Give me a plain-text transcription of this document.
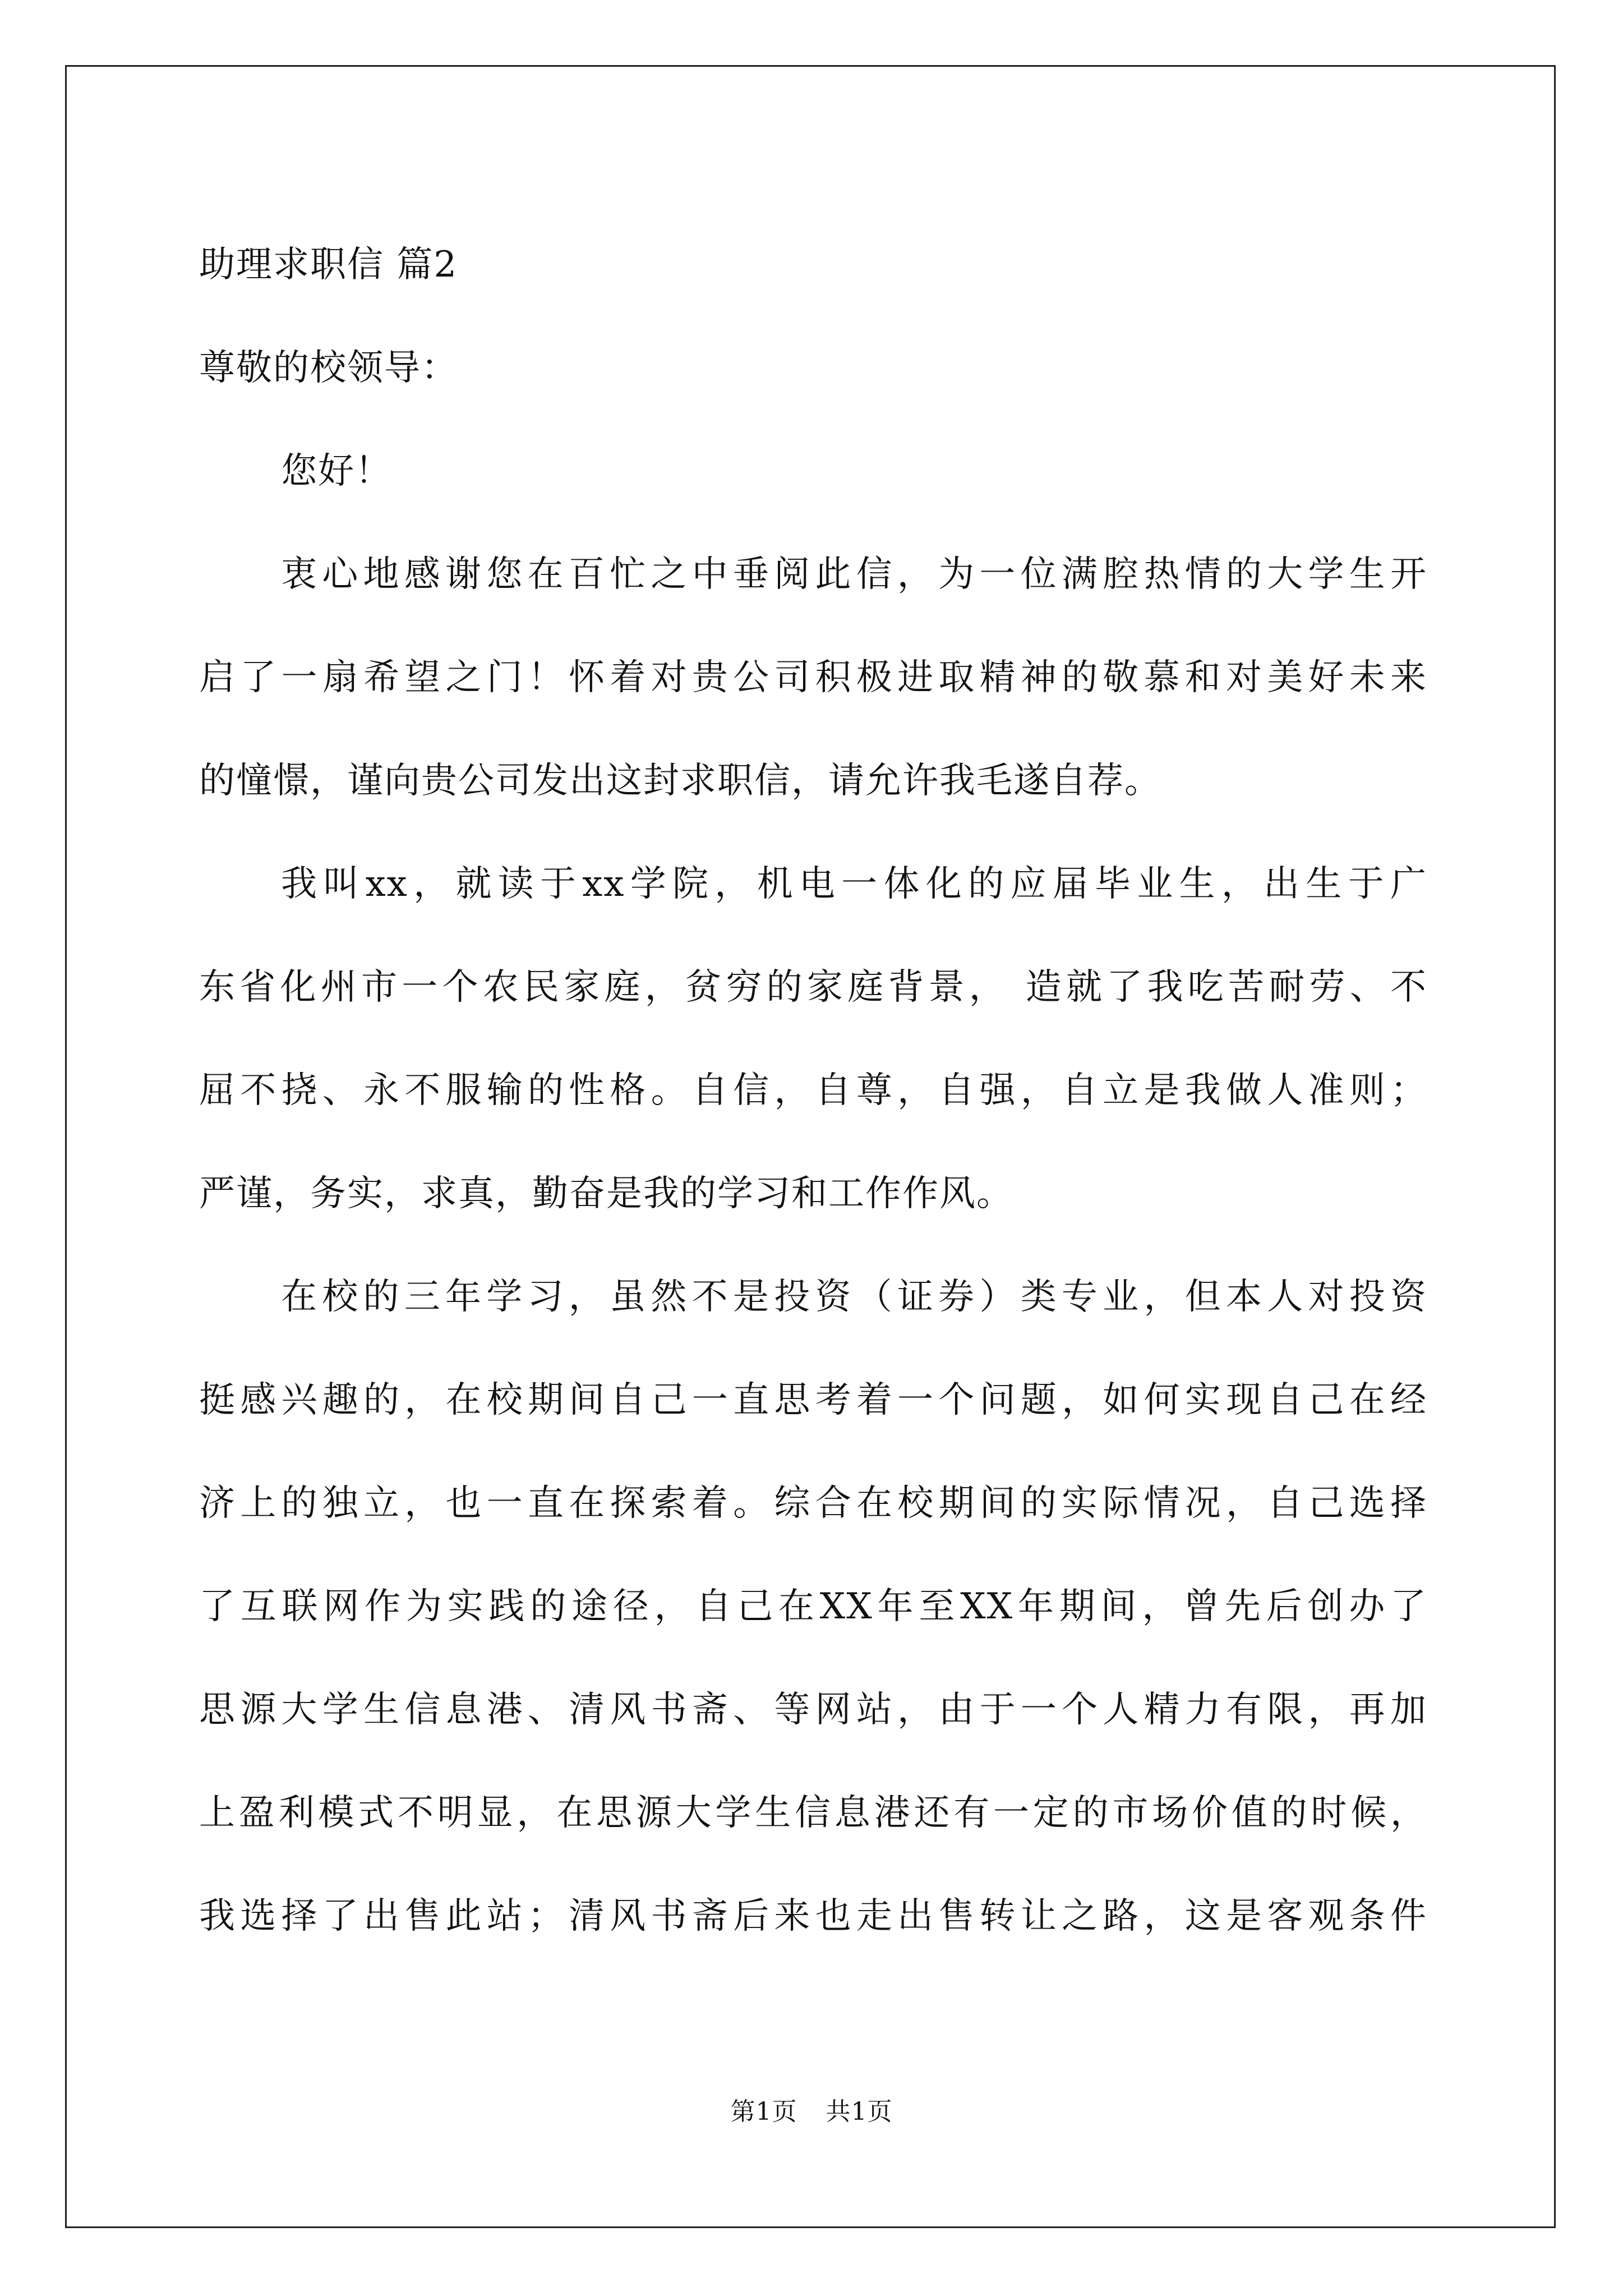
助理求职信 篇2
尊敬的校领导：
您好！
衷心地感谢您在百忙之中垂阅此信，为一位满腔热情的大学生开
启了一扇希望之门！怀着对贵公司积极进取精神的敬慕和对美好未来
的憧憬，谨向贵公司发出这封求职信，请允许我毛遂自荐。
我叫xx，就读于xx学院，机电一体化的应届毕业生，出生于广
东省化州市一个农民家庭，贫穷的家庭背景， 造就了我吃苦耐劳、不
屈不挠、永不服输的性格。自信，自尊，自强，自立是我做人准则；
严谨，务实，求真，勤奋是我的学习和工作作风。
在校的三年学习，虽然不是投资（证券）类专业，但本人对投资
挺感兴趣的，在校期间自己一直思考着一个问题，如何实现自己在经
济上的独立，也一直在探索着。综合在校期间的实际情况，自己选择
了互联网作为实践的途径，自己在XX年至XX年期间，曾先后创办了
思源大学生信息港、清风书斋、等网站，由于一个人精力有限，再加
上盈利模式不明显，在思源大学生信息港还有一定的市场价值的时候，
我选择了出售此站；清风书斋后来也走出售转让之路，这是客观条件
第1页 共1页
